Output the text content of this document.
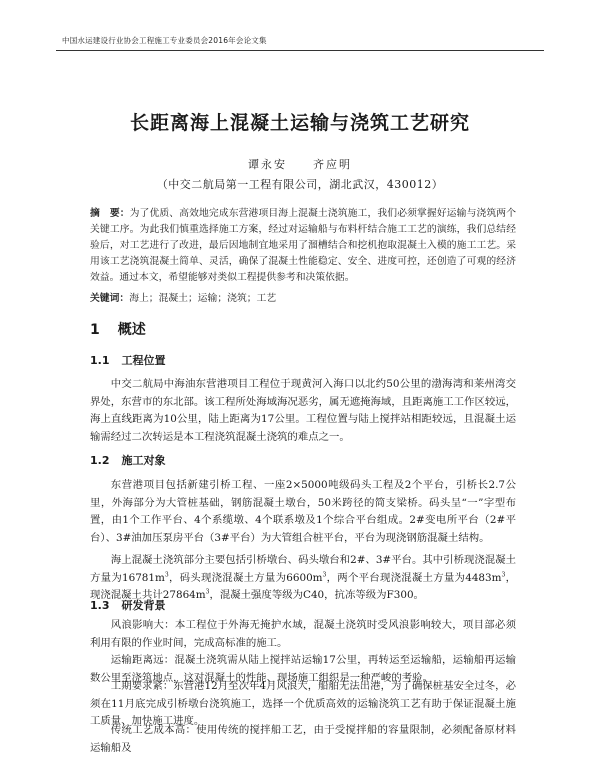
中国水运建设行业协会工程施工专业委员会2016年会论文集
长距离海上混凝土运输与浇筑工艺研究
谭永安　　齐应明
（中交二航局第一工程有限公司，湖北武汉，430012）
摘　要：为了优质、高效地完成东营港项目海上混凝土浇筑施工，我们必须掌握好运输与浇筑两个关键工序。为此我们慎重选择施工方案，经过对运输船与布料杆结合施工工艺的演练，我们总结经验后，对工艺进行了改进，最后因地制宜地采用了溜槽结合和挖机抱取混凝土入模的施工工艺。采用该工艺浇筑混凝土简单、灵活，确保了混凝土性能稳定、安全、进度可控，还创造了可观的经济效益。通过本文，希望能够对类似工程提供参考和决策依据。
关键词：海上；混凝土；运输；浇筑；工艺
1 概述
1.1 工程位置
中交二航局中海油东营港项目工程位于现黄河入海口以北约50公里的渤海湾和莱州湾交界处，东营市的东北部。该工程所处海域海况恶劣，属无遮掩海域，且距离施工工作区较远，海上直线距离为10公里，陆上距离为17公里。工程位置与陆上搅拌站相距较远，且混凝土运输需经过二次转运是本工程浇筑混凝土浇筑的难点之一。
1.2 施工对象
东营港项目包括新建引桥工程、一座2×5000吨级码头工程及2个平台，引桥长2.7公里，外海部分为大管桩基础，钢筋混凝土墩台，50米跨径的简支梁桥。码头呈“一”字型布置，由1个工作平台、4个系缆墩、4个联系墩及1个综合平台组成。2#变电所平台（2#平台）、3#油加压泵房平台（3#平台）为大管组合桩平台，平台为现浇钢筋混凝土结构。
海上混凝土浇筑部分主要包括引桥墩台、码头墩台和2#、3#平台。其中引桥现浇混凝土方量为$16781m^3$，码头现浇混凝土方量为$6600m^3$，两个平台现浇混凝土方量为$4483m^3$，现浇混凝土共计$27864m^3$，混凝土强度等级为C40，抗冻等级为F300。
1.3 研发背景
风浪影响大：本工程位于外海无掩护水域，混凝土浇筑时受风浪影响较大，项目部必须利用有限的作业时间，完成高标准的施工。
运输距离远：混凝土浇筑需从陆上搅拌站运输17公里，再转运至运输船，运输船再运输数公里至浇筑地点，这对混凝土的性能、现场施工组织是一种严峻的考验。
工期要求紧：东营港12月至次年4月风浪大，船舶无法出港，为了确保桩基安全过冬，必须在11月底完成引桥墩台浇筑施工，选择一个优质高效的运输浇筑工艺有助于保证混凝土施工质量、加快施工进度。
传统工艺成本高：使用传统的搅拌船工艺，由于受搅拌船的容量限制，必须配备原材料运输船及
